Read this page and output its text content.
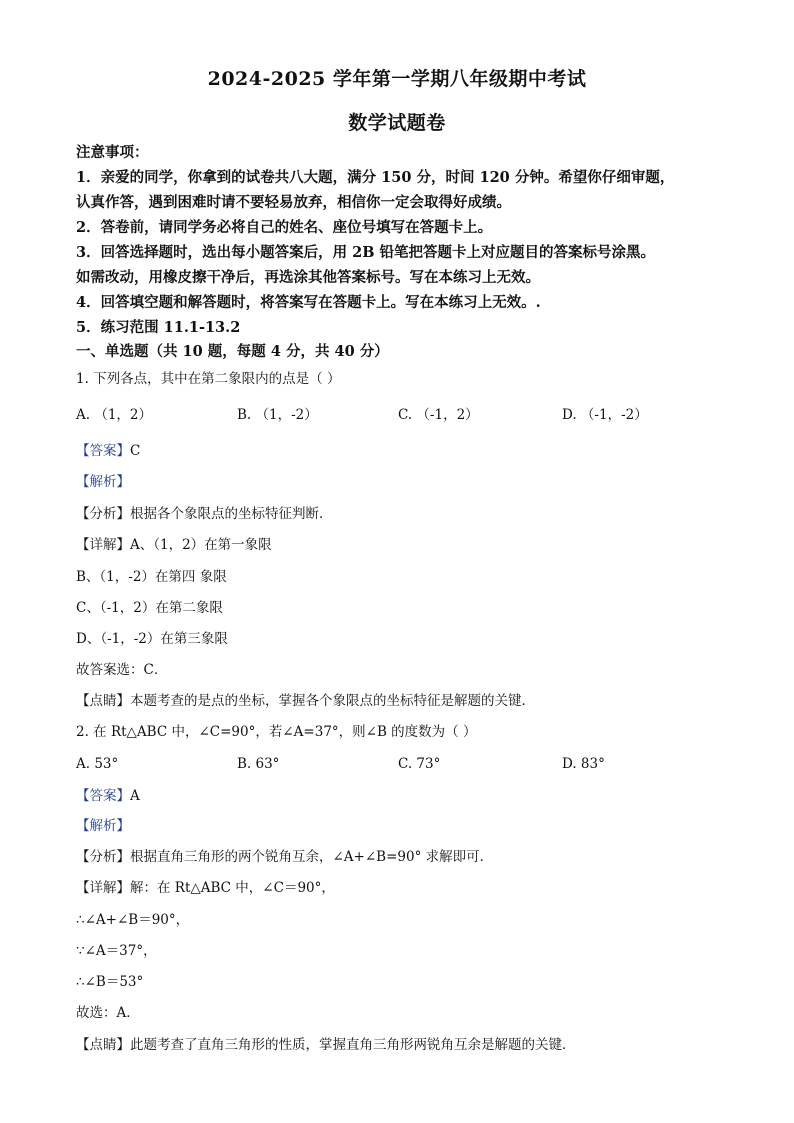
2024-2025 学年第一学期八年级期中考试
数学试题卷
注意事项：
1．亲爱的同学，你拿到的试卷共八大题，满分 150 分，时间 120 分钟。希望你仔细审题，
认真作答，遇到困难时请不要轻易放弃，相信你一定会取得好成绩。
2．答卷前，请同学务必将自己的姓名、座位号填写在答题卡上。
3．回答选择题时，选出每小题答案后，用 2B 铅笔把答题卡上对应题目的答案标号涂黑。
如需改动，用橡皮擦干净后，再选涂其他答案标号。写在本练习上无效。
4．回答填空题和解答题时，将答案写在答题卡上。写在本练习上无效。.
5．练习范围 11.1-13.2
一、单选题（共 10 题，每题 4 分，共 40 分）
1. 下列各点，其中在第二象限内的点是（ ）
A. （1，2）	B. （1，-2）	C. （-1，2）	D. （-1，-2）
【答案】C
【解析】
【分析】根据各个象限点的坐标特征判断．
【详解】A、（1，2）在第一象限
B、（1，-2）在第四 象限
C、（-1，2）在第二象限
D、（-1，-2）在第三象限
故答案选：C．
【点睛】本题考查的是点的坐标，掌握各个象限点的坐标特征是解题的关键．
2. 在 Rt△ABC 中，∠C=90°，若∠A=37°，则∠B 的度数为（ ）
A. 53°	B. 63°	C. 73°	D. 83°
【答案】A
【解析】
【分析】根据直角三角形的两个锐角互余，∠A+∠B=90° 求解即可．
【详解】解：在 Rt△ABC 中，∠C＝90°，
∴∠A+∠B＝90°，
∵∠A＝37°，
∴∠B＝53°
故选：A．
【点睛】此题考查了直角三角形的性质，掌握直角三角形两锐角互余是解题的关键．
